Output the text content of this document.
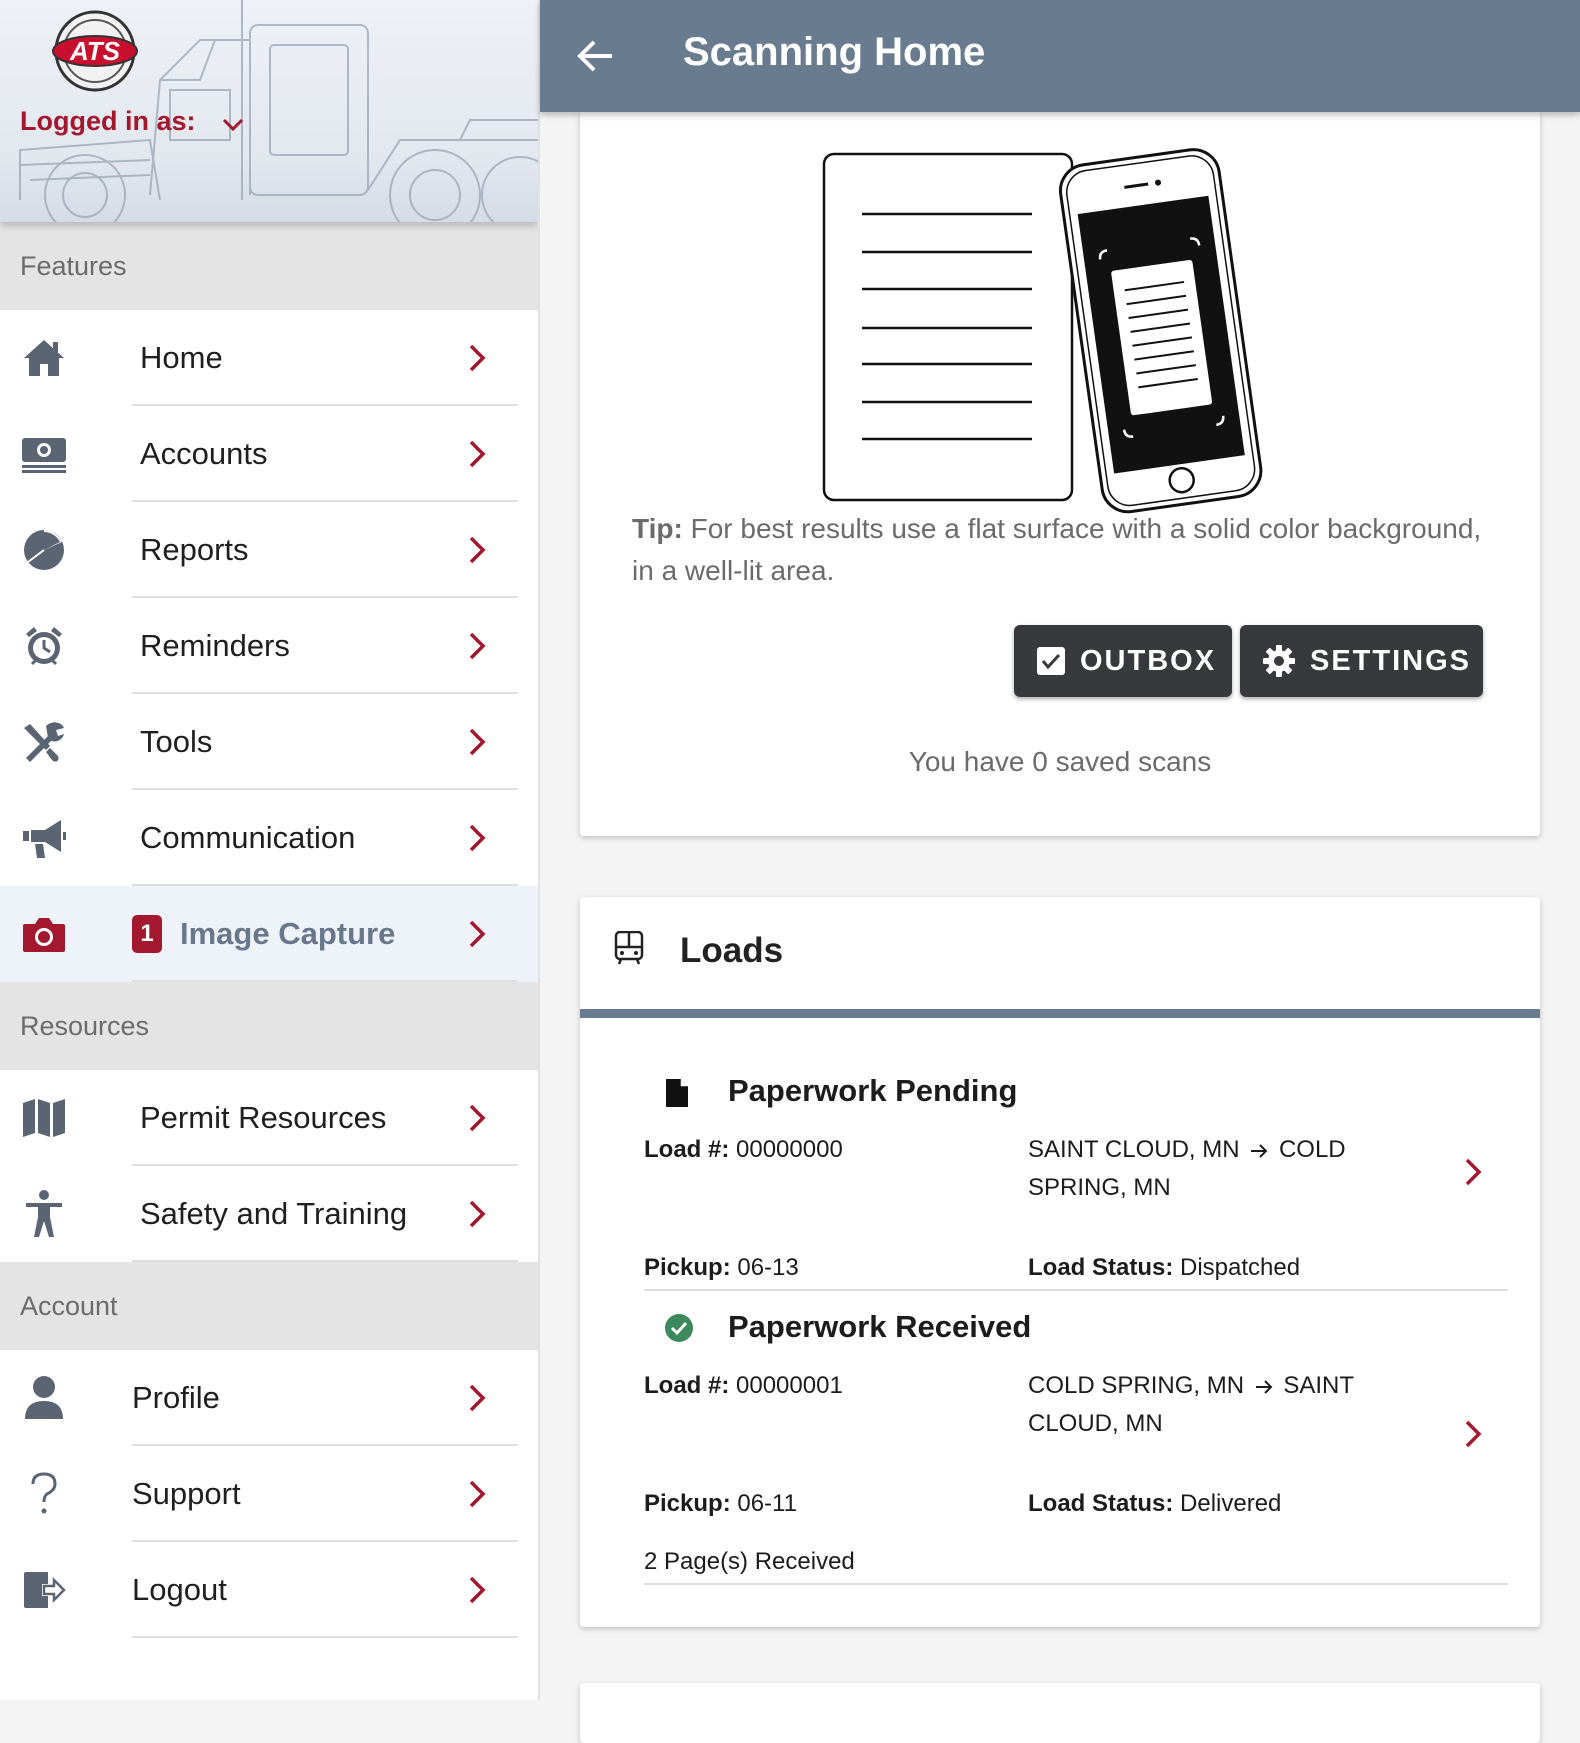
ATS
Logged in as:
Features
Home
Accounts
Reports
Reminders
Tools
Communication
1 Image Capture
Resources
Permit Resources
Safety and Training
Account
Profile
Support
Logout
Scanning Home
Tip: For best results use a flat surface with a solid color background, in a well-lit area.
OUTBOX	SETTINGS
You have 0 saved scans
Loads
Paperwork Pending
Load #: 00000000	SAINT CLOUD, MN COLD SPRING, MN
Pickup: 06-13	Load Status: Dispatched
Paperwork Received
Load #: 00000001	COLD SPRING, MN SAINT CLOUD, MN
Pickup: 06-11	Load Status: Delivered
2 Page(s) Received
